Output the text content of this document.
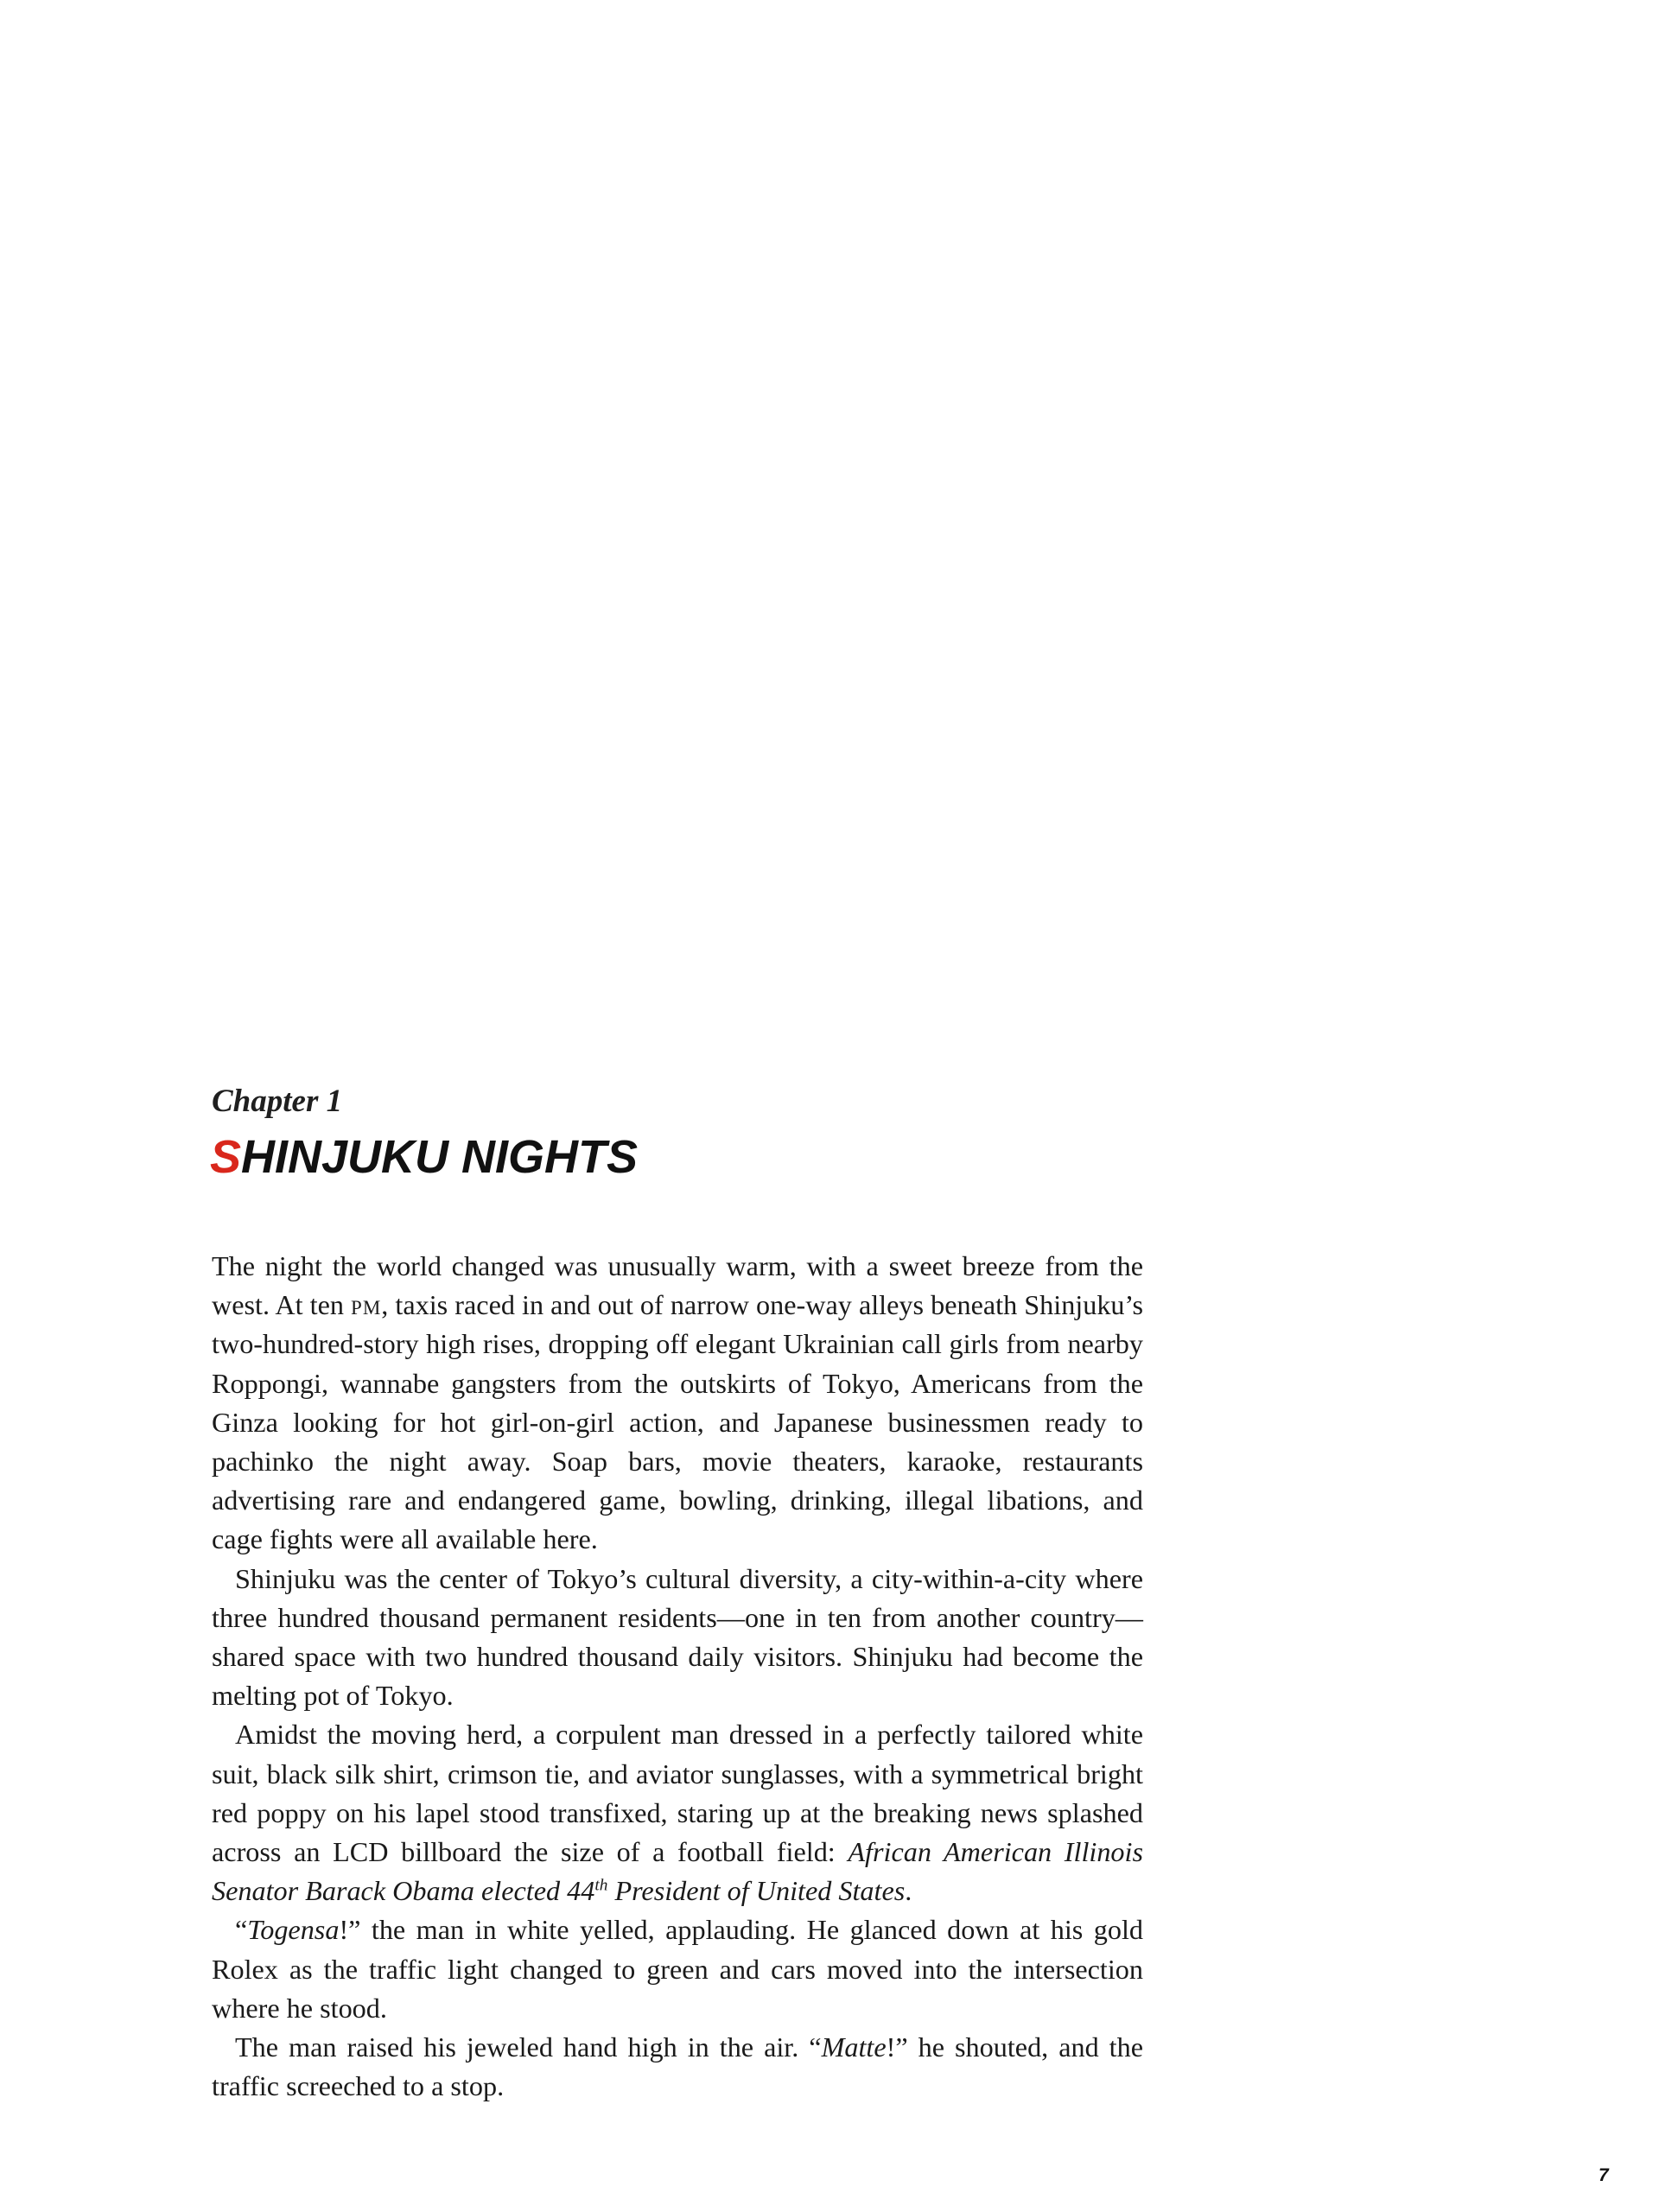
Chapter 1
SHINJUKU NIGHTS

The night the world changed was unusually warm, with a sweet breeze from the west. At ten pm, taxis raced in and out of narrow one-way alleys beneath Shinjuku’s two-hundred-story high rises, dropping off elegant Ukrainian call girls from nearby Roppongi, wannabe gangsters from the outskirts of Tokyo, Americans from the Ginza looking for hot girl-on-girl action, and Japanese businessmen ready to pachinko the night away. Soap bars, movie theaters, karaoke, restaurants advertising rare and endangered game, bowling, drinking, illegal libations, and cage fights were all available here.

Shinjuku was the center of Tokyo’s cultural diversity, a city-within-a-city where three hundred thousand permanent residents—one in ten from another country—shared space with two hundred thousand daily visitors. Shinjuku had become the melting pot of Tokyo.

Amidst the moving herd, a corpulent man dressed in a perfectly tailored white suit, black silk shirt, crimson tie, and aviator sunglasses, with a symmetrical bright red poppy on his lapel stood transfixed, staring up at the breaking news splashed across an LCD billboard the size of a football field: African American Illinois Senator Barack Obama elected 44th President of United States.

“Togensa!” the man in white yelled, applauding. He glanced down at his gold Rolex as the traffic light changed to green and cars moved into the intersection where he stood.

The man raised his jeweled hand high in the air. “Matte!” he shouted, and the traffic screeched to a stop.

7
